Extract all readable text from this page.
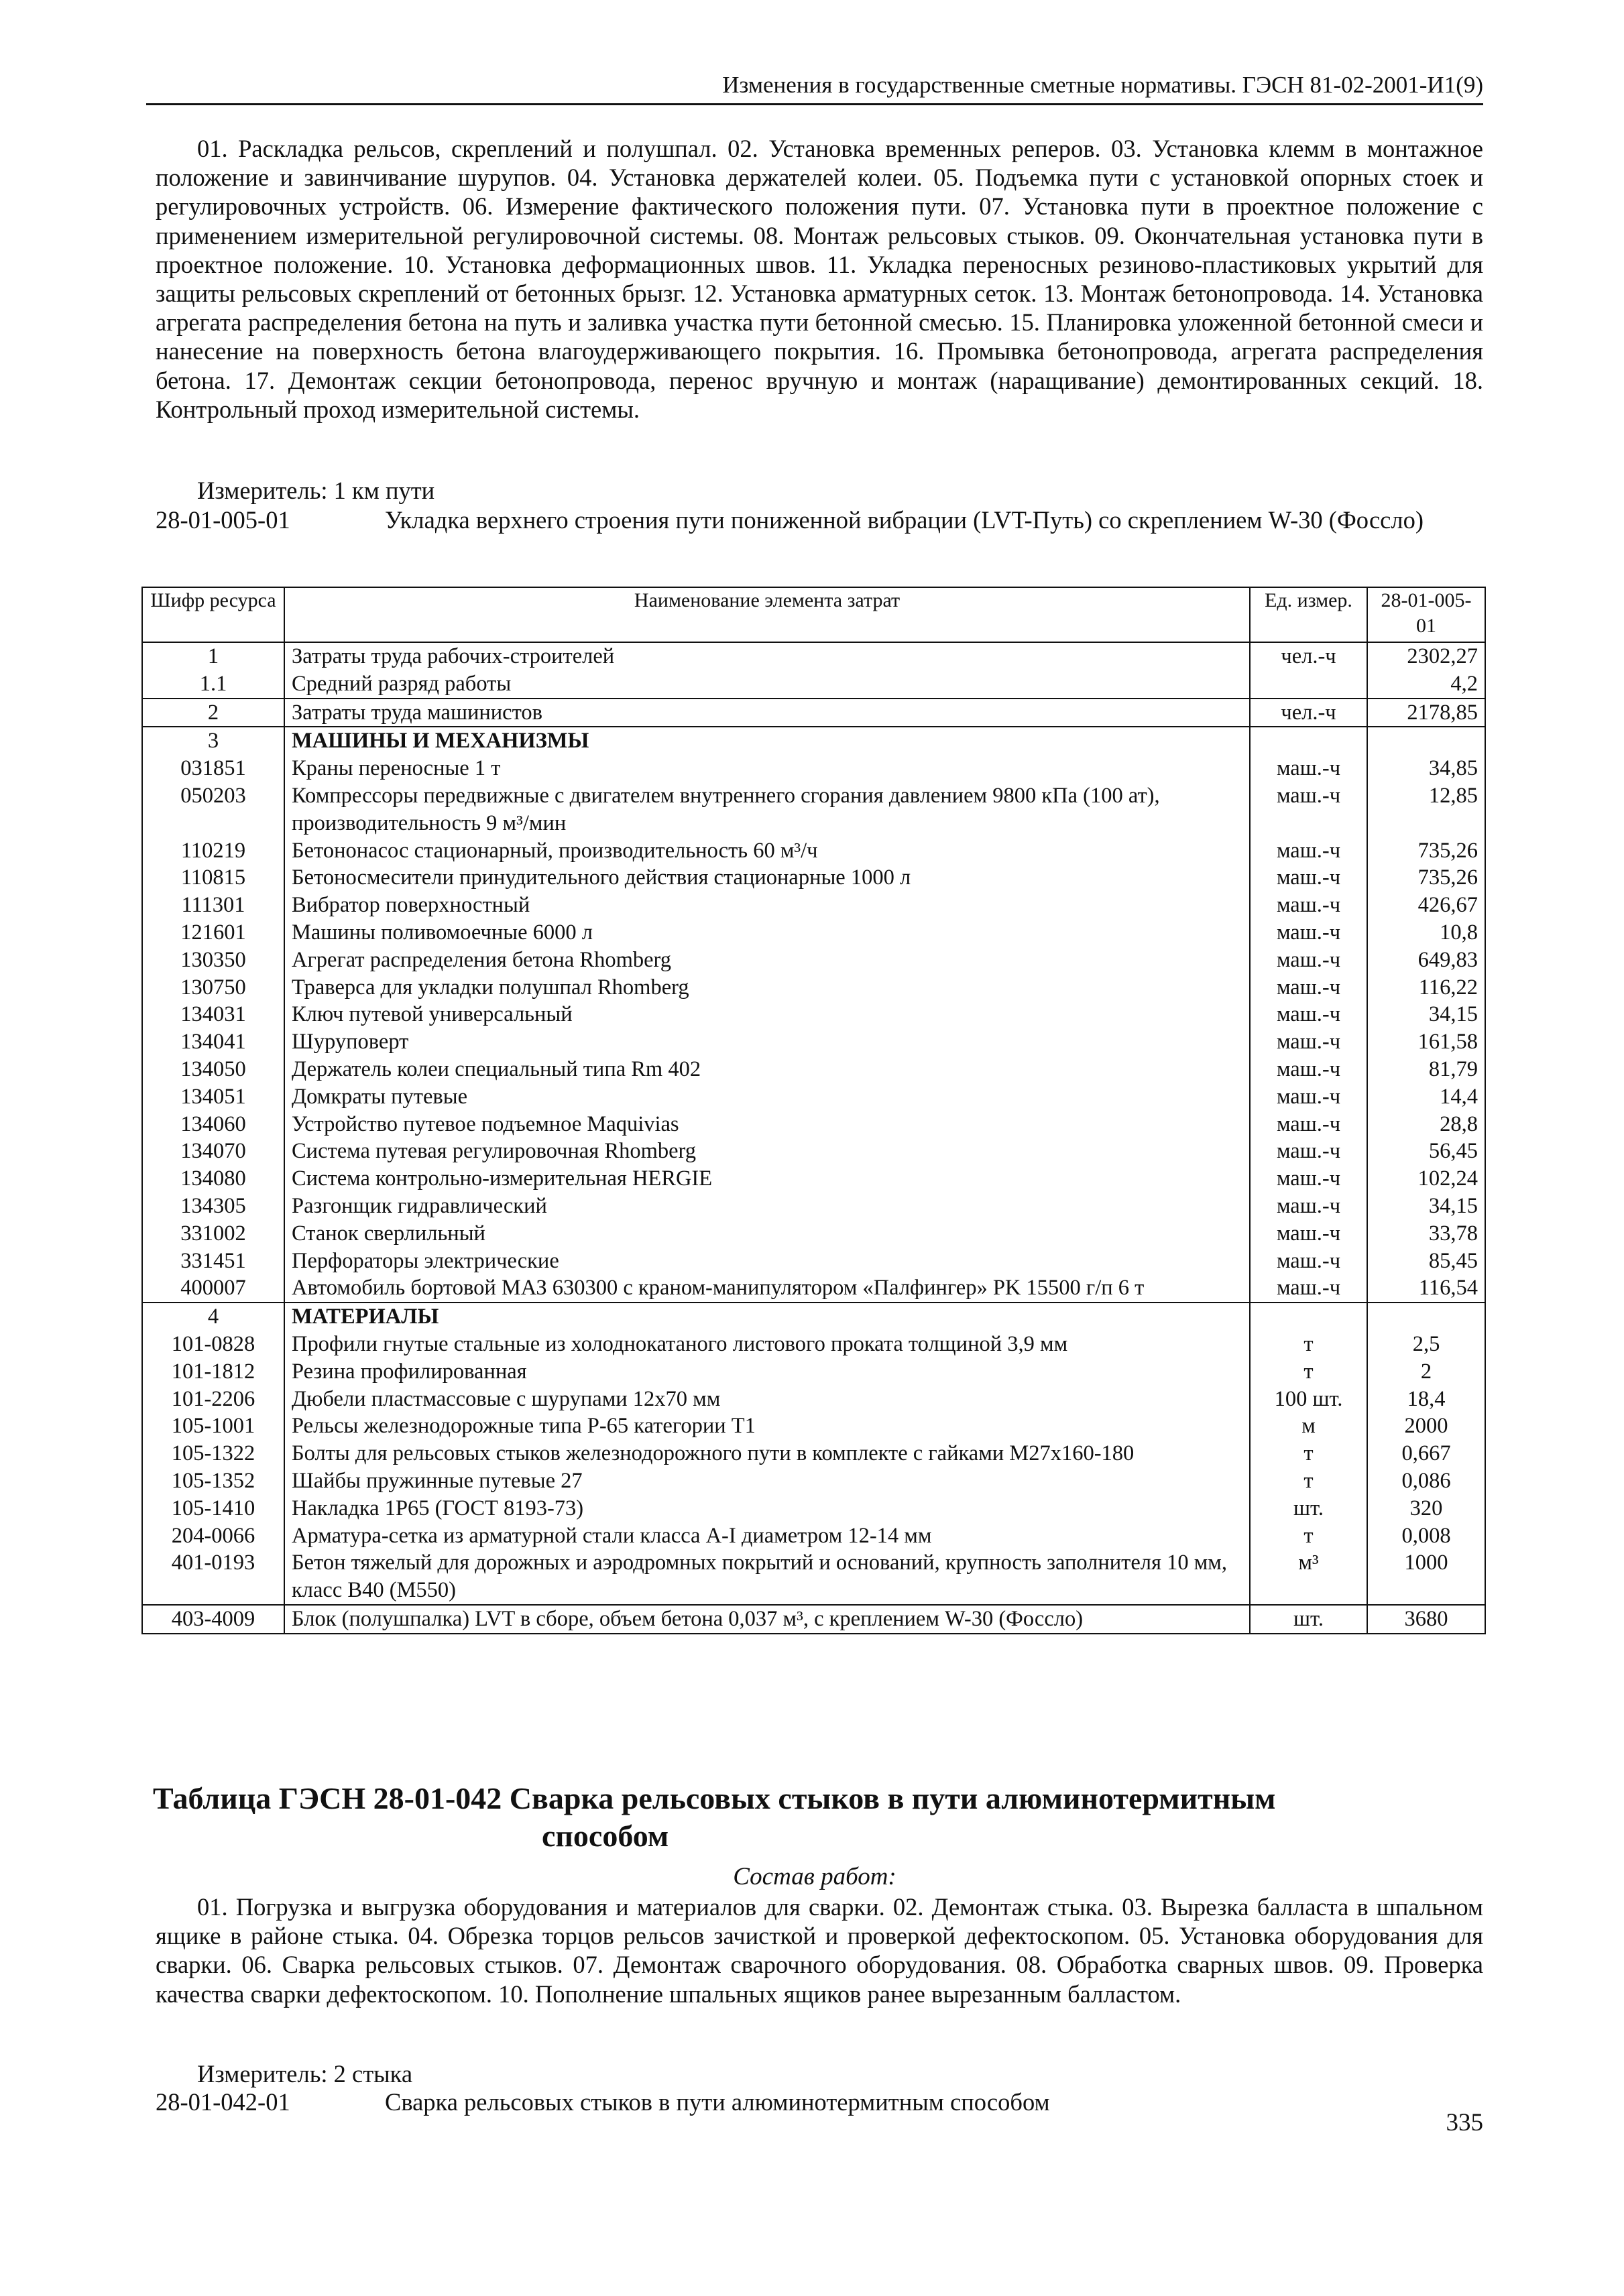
Изменения в государственные сметные нормативы. ГЭСН 81-02-2001-И1(9)

01. Раскладка рельсов, скреплений и полушпал. 02. Установка временных реперов. 03. Установка клемм в монтажное положение и завинчивание шурупов. 04. Установка держателей колеи. 05. Подъемка пути с установкой опорных стоек и регулировочных устройств. 06. Измерение фактического положения пути. 07. Установка пути в проектное положение с применением измерительной регулировочной системы. 08. Монтаж рельсовых стыков. 09. Окончательная установка пути в проектное положение. 10. Установка деформационных швов. 11. Укладка переносных резиново-пластиковых укрытий для защиты рельсовых скреплений от бетонных брызг. 12. Установка арматурных сеток. 13. Монтаж бетонопровода. 14. Установка агрегата распределения бетона на путь и заливка участка пути бетонной смесью. 15. Планировка уложенной бетонной смеси и нанесение на поверхность бетона влагоудерживающего покрытия. 16. Промывка бетонопровода, агрегата распределения бетона. 17. Демонтаж секции бетонопровода, перенос вручную и монтаж (наращивание) демонтированных секций. 18. Контрольный проход измерительной системы.

Измеритель: 1 км пути

28-01-005-01	Укладка верхнего строения пути пониженной вибрации (LVT-Путь) со скреплением W-30 (Фоссло)
Шифр ресурса	Наименование элемента затрат	Ед. измер.	28-01-005-01
1	Затраты труда рабочих-строителей	чел.-ч	2302,27
1.1	Средний разряд работы		4,2
2	Затраты труда машинистов	чел.-ч	2178,85
3	МАШИНЫ И МЕХАНИЗМЫ		
031851	Краны переносные 1 т	маш.-ч	34,85
050203	Компрессоры передвижные с двигателем внутреннего сгорания давлением 9800 кПа (100 ат), производительность 9 м³/мин	маш.-ч	12,85
110219	Бетононасос стационарный, производительность 60 м³/ч	маш.-ч	735,26
110815	Бетоносмесители принудительного действия стационарные 1000 л	маш.-ч	735,26
111301	Вибратор поверхностный	маш.-ч	426,67
121601	Машины поливомоечные 6000 л	маш.-ч	10,8
130350	Агрегат распределения бетона Rhomberg	маш.-ч	649,83
130750	Траверса для укладки полушпал Rhomberg	маш.-ч	116,22
134031	Ключ путевой универсальный	маш.-ч	34,15
134041	Шуруповерт	маш.-ч	161,58
134050	Держатель колеи специальный типа Rm 402	маш.-ч	81,79
134051	Домкраты путевые	маш.-ч	14,4
134060	Устройство путевое подъемное Maquivias	маш.-ч	28,8
134070	Система путевая регулировочная Rhomberg	маш.-ч	56,45
134080	Система контрольно-измерительная HERGIE	маш.-ч	102,24
134305	Разгонщик гидравлический	маш.-ч	34,15
331002	Станок сверлильный	маш.-ч	33,78
331451	Перфораторы электрические	маш.-ч	85,45
400007	Автомобиль бортовой МАЗ 630300 с краном-манипулятором «Палфингер» PK 15500 г/п 6 т	маш.-ч	116,54
4	МАТЕРИАЛЫ		
101-0828	Профили гнутые стальные из холоднокатаного листового проката толщиной 3,9 мм	т	2,5
101-1812	Резина профилированная	т	2
101-2206	Дюбели пластмассовые с шурупами 12x70 мм	100 шт.	18,4
105-1001	Рельсы железнодорожные типа Р-65 категории Т1	м	2000
105-1322	Болты для рельсовых стыков железнодорожного пути в комплекте с гайками М27х160-180	т	0,667
105-1352	Шайбы пружинные путевые 27	т	0,086
105-1410	Накладка 1Р65 (ГОСТ 8193-73)	шт.	320
204-0066	Арматура-сетка из арматурной стали класса А-I диаметром 12-14 мм	т	0,008
401-0193	Бетон тяжелый для дорожных и аэродромных покрытий и оснований, крупность заполнителя 10 мм, класс В40 (М550)	м³	1000
403-4009	Блок (полушпалка) LVT в сборе, объем бетона 0,037 м³, с креплением W-30 (Фоссло)	шт.	3680
Таблица ГЭСН 28-01-042 Сварка рельсовых стыков в пути алюминотермитным
способом
Состав работ:

01. Погрузка и выгрузка оборудования и материалов для сварки. 02. Демонтаж стыка. 03. Вырезка балласта в шпальном ящике в районе стыка. 04. Обрезка торцов рельсов зачисткой и проверкой дефектоскопом. 05. Установка оборудования для сварки. 06. Сварка рельсовых стыков. 07. Демонтаж сварочного оборудования. 08. Обработка сварных швов. 09. Проверка качества сварки дефектоскопом. 10. Пополнение шпальных ящиков ранее вырезанным балластом.

Измеритель: 2 стыка

28-01-042-01	Сварка рельсовых стыков в пути алюминотермитным способом
335
